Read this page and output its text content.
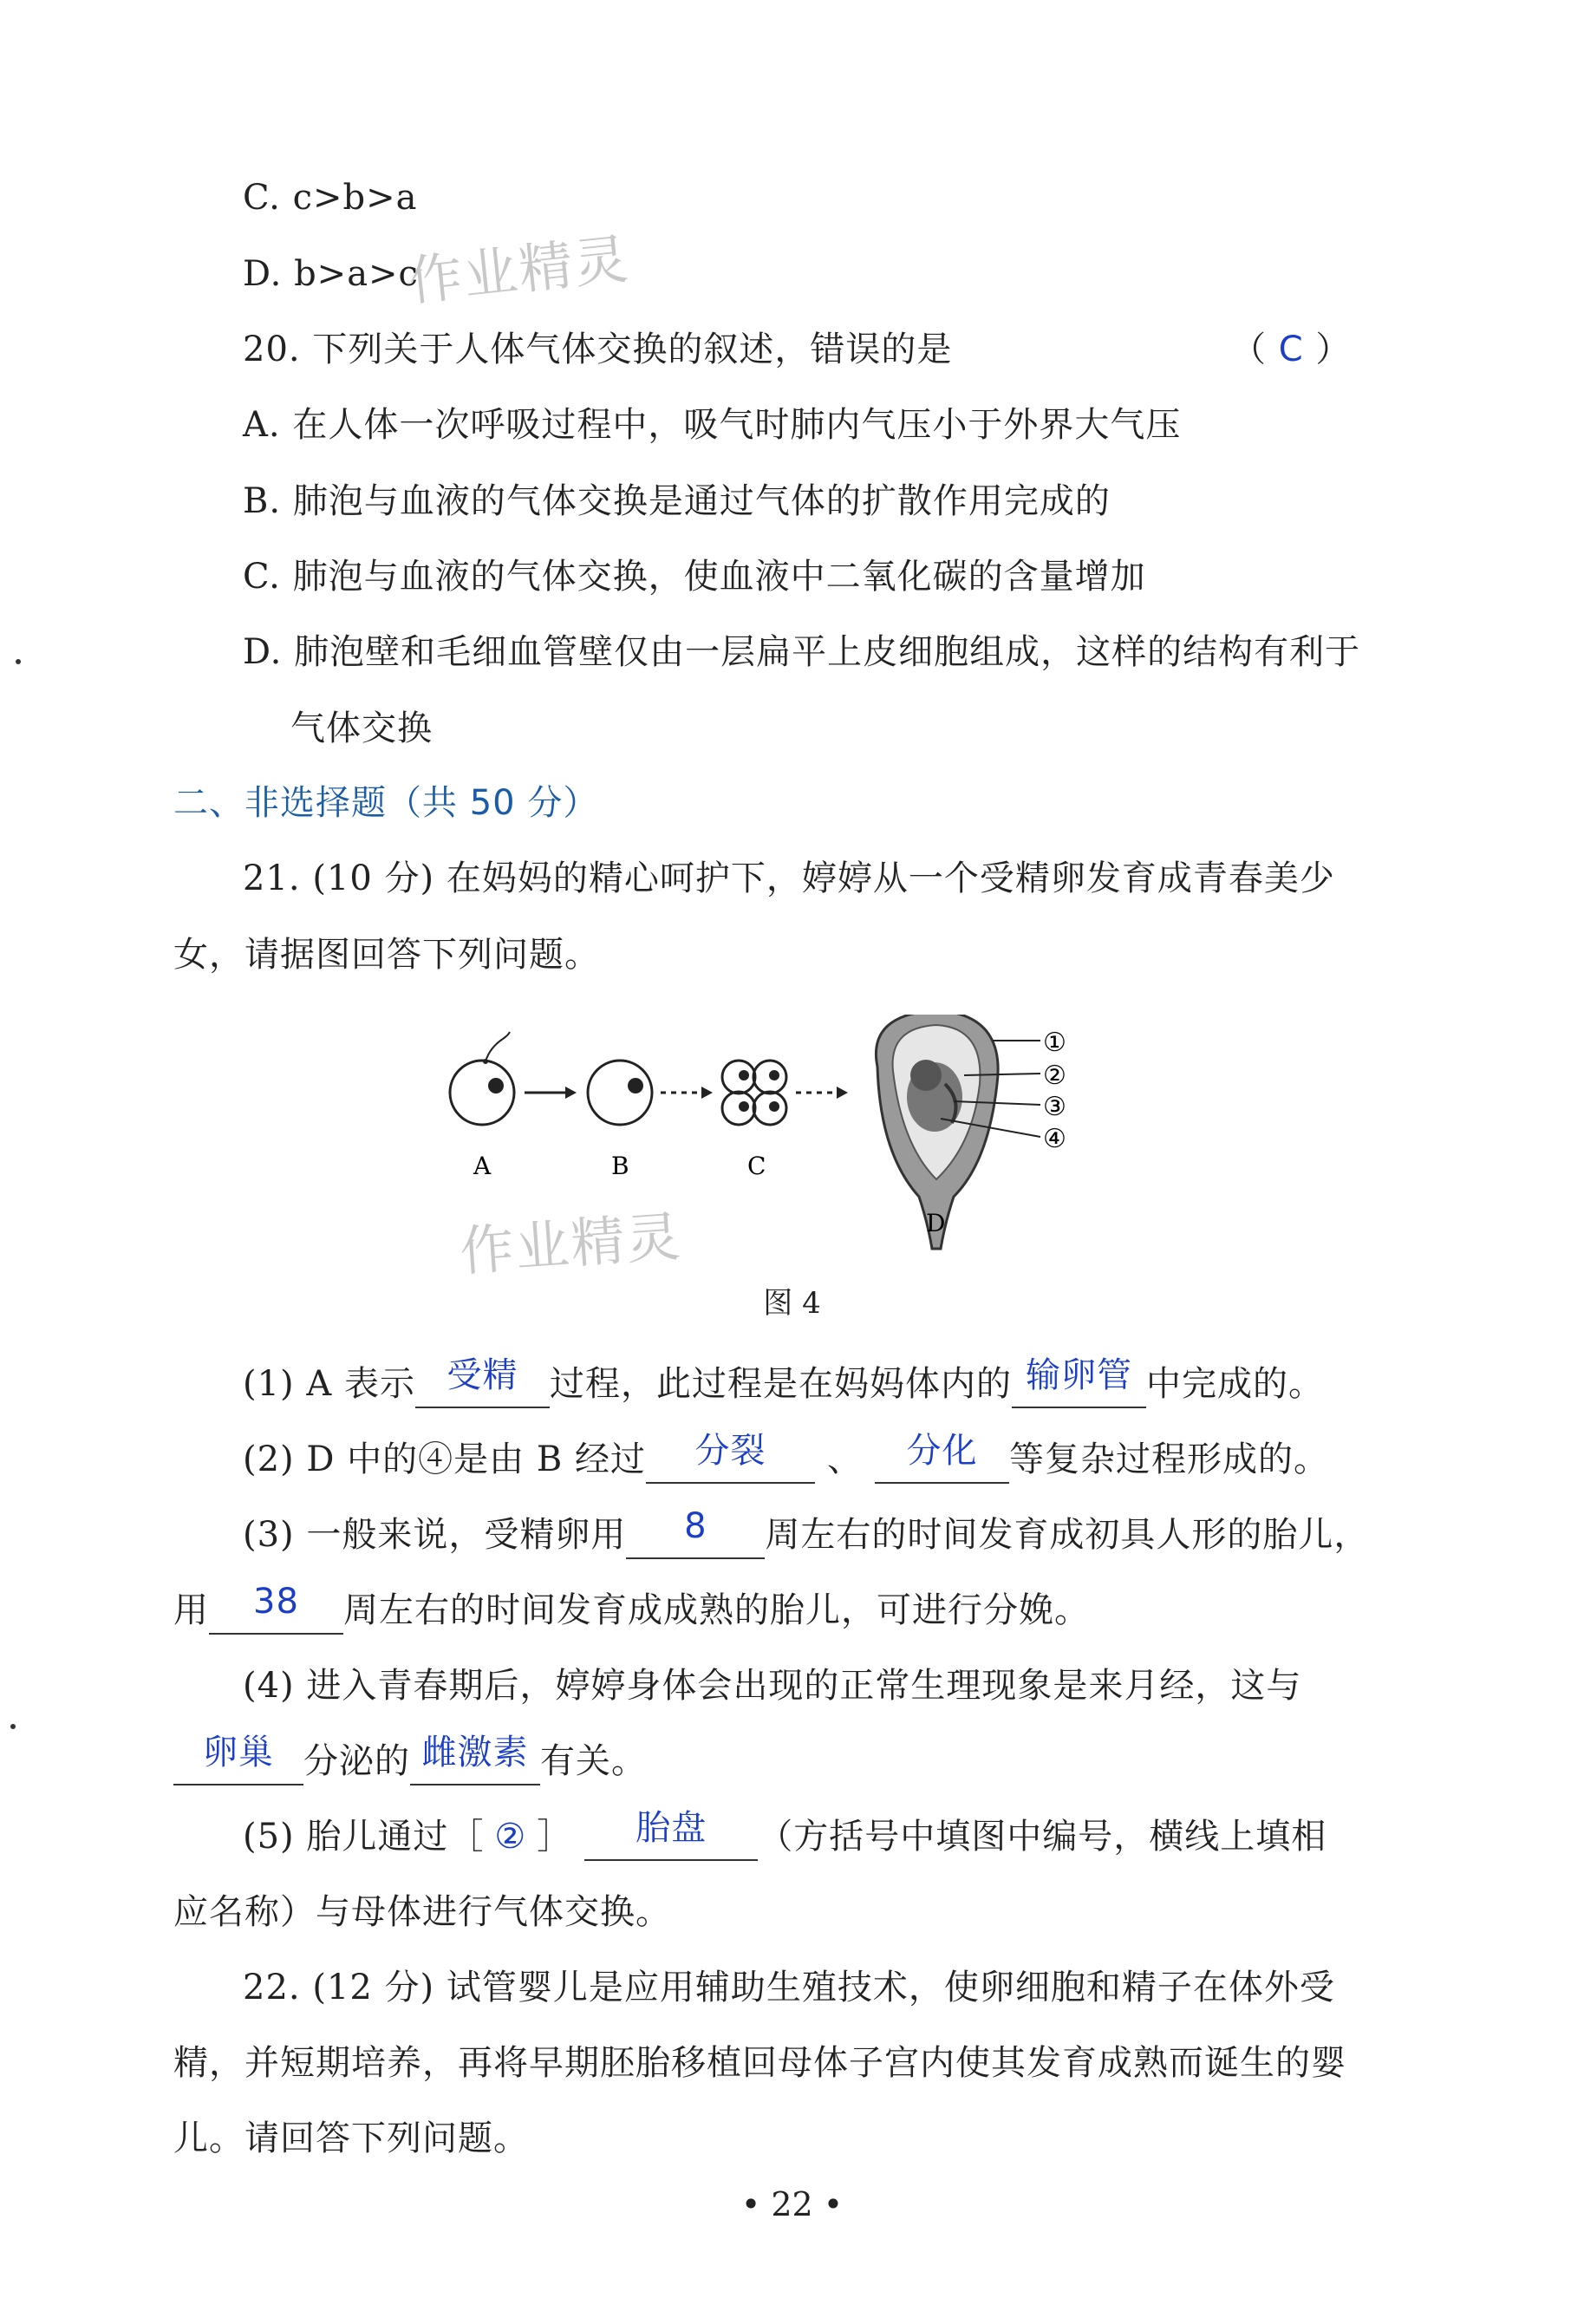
C. c>b>a
D. b>a>c
作业精灵
20. 下列关于人体气体交换的叙述，错误的是	（ C ）
A. 在人体一次呼吸过程中，吸气时肺内气压小于外界大气压
B. 肺泡与血液的气体交换是通过气体的扩散作用完成的
C. 肺泡与血液的气体交换，使血液中二氧化碳的含量增加
D. 肺泡壁和毛细血管壁仅由一层扁平上皮细胞组成，这样的结构有利于
气体交换
二、非选择题（共 50 分）
21. (10 分) 在妈妈的精心呵护下，婷婷从一个受精卵发育成青春美少
女，请据图回答下列问题。
①
②
③
④
A	B	C
D
作业精灵
图 4
(1) A 表示 受精 过程，此过程是在妈妈体内的 输卵管 中完成的。
(2) D 中的④是由 B 经过 分裂 、 分化 等复杂过程形成的。
(3) 一般来说，受精卵用 8 周左右的时间发育成初具人形的胎儿，
用 38 周左右的时间发育成成熟的胎儿，可进行分娩。
(4) 进入青春期后，婷婷身体会出现的正常生理现象是来月经，这与
卵巢 分泌的 雌激素 有关。
(5) 胎儿通过［ ② ］ 胎盘 （方括号中填图中编号，横线上填相
应名称）与母体进行气体交换。
22. (12 分) 试管婴儿是应用辅助生殖技术，使卵细胞和精子在体外受
精，并短期培养，再将早期胚胎移植回母体子宫内使其发育成熟而诞生的婴
儿。请回答下列问题。
• 22 •
